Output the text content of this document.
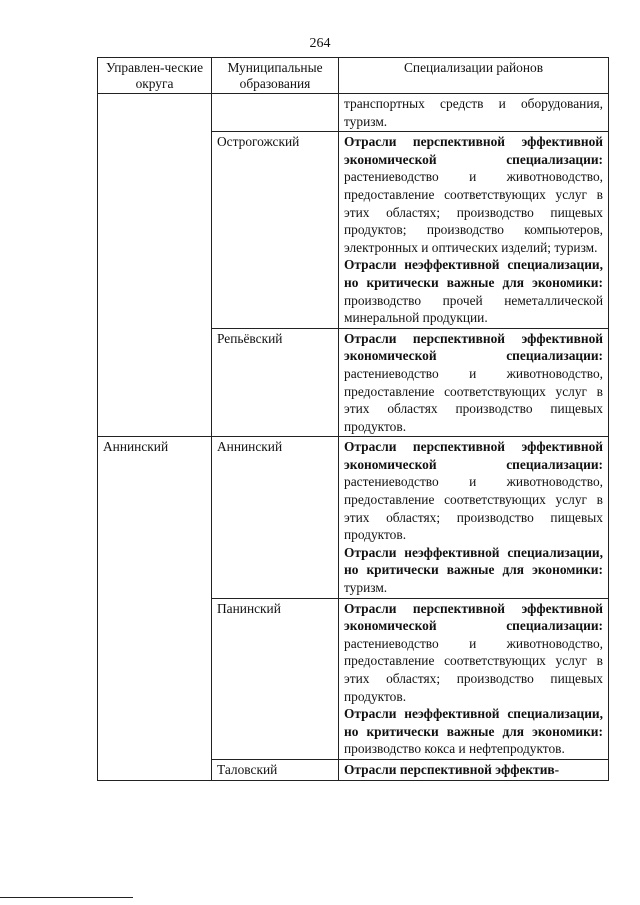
264
Управлен-ческие округа	Муниципальные образования	Специализации районов

		транспортных средств и оборудования, туризм.

	Острогожский	Отрасли перспективной эффективной экономической специализации: растениеводство и животноводство, предоставление соответствующих услуг в этих областях; производство пищевых продуктов; производство компьютеров, электронных и оптических изделий; туризм.

Отрасли неэффективной специализации, но критически важные для экономики: производство прочей неметаллической минеральной продукции.

	Репьёвский	Отрасли перспективной эффективной экономической специализации: растениеводство и животноводство, предоставление соответствующих услуг в этих областях производство пищевых продуктов.

Аннинский	Аннинский	Отрасли перспективной эффективной экономической специализации: растениеводство и животноводство, предоставление соответствующих услуг в этих областях; производство пищевых продуктов.

Отрасли неэффективной специализации, но критически важные для экономики: туризм.

	Панинский	Отрасли перспективной эффективной экономической специализации: растениеводство и животноводство, предоставление соответствующих услуг в этих областях; производство пищевых продуктов.

Отрасли неэффективной специализации, но критически важные для экономики: производство кокса и нефтепродуктов.

	Таловский	Отрасли перспективной эффектив-
